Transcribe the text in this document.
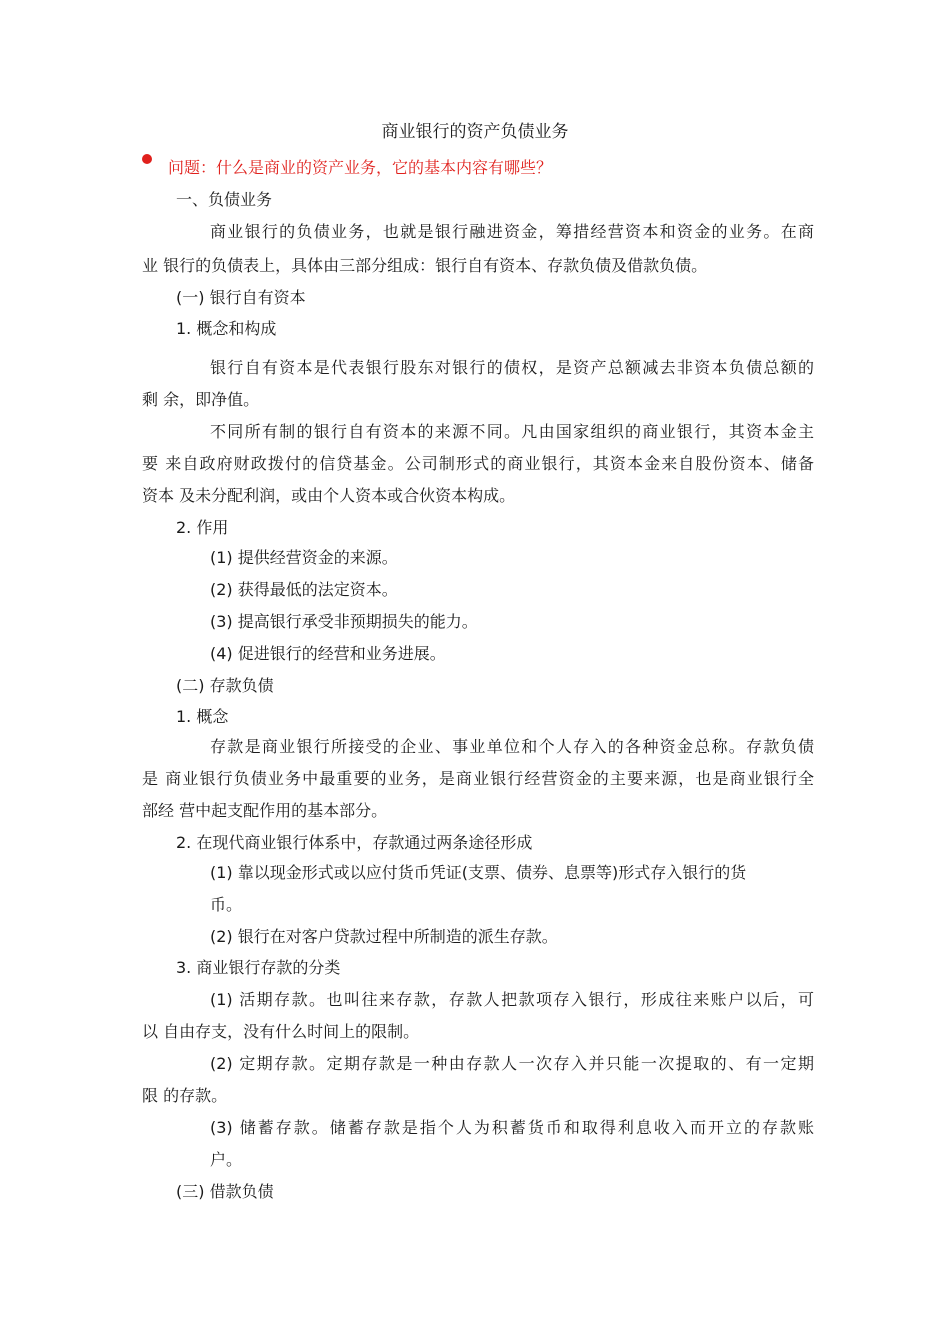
商业银行的资产负债业务
问题：什么是商业的资产业务，它的基本内容有哪些？
一、负债业务
商业银行的负债业务，也就是银行融进资金，筹措经营资本和资金的业务。在商
业 银行的负债表上，具体由三部分组成：银行自有资本、存款负债及借款负债。
(一) 银行自有资本
1. 概念和构成
银行自有资本是代表银行股东对银行的债权，是资产总额减去非资本负债总额的
剩 余，即净值。
不同所有制的银行自有资本的来源不同。凡由国家组织的商业银行，其资本金主
要 来自政府财政拨付的信贷基金。公司制形式的商业银行，其资本金来自股份资本、储备
资本 及未分配利润，或由个人资本或合伙资本构成。
2. 作用
(1) 提供经营资金的来源。
(2) 获得最低的法定资本。
(3) 提高银行承受非预期损失的能力。
(4) 促进银行的经营和业务进展。
(二) 存款负债
1. 概念
存款是商业银行所接受的企业、事业单位和个人存入的各种资金总称。存款负债
是 商业银行负债业务中最重要的业务，是商业银行经营资金的主要来源，也是商业银行全
部经 营中起支配作用的基本部分。
2. 在现代商业银行体系中，存款通过两条途径形成
(1) 靠以现金形式或以应付货币凭证(支票、债券、息票等)形式存入银行的货
币。
(2) 银行在对客户贷款过程中所制造的派生存款。
3. 商业银行存款的分类
(1) 活期存款。也叫往来存款，存款人把款项存入银行，形成往来账户以后，可
以 自由存支，没有什么时间上的限制。
(2) 定期存款。定期存款是一种由存款人一次存入并只能一次提取的、有一定期
限 的存款。
(3) 储蓄存款。储蓄存款是指个人为积蓄货币和取得利息收入而开立的存款账
户。
(三) 借款负债
